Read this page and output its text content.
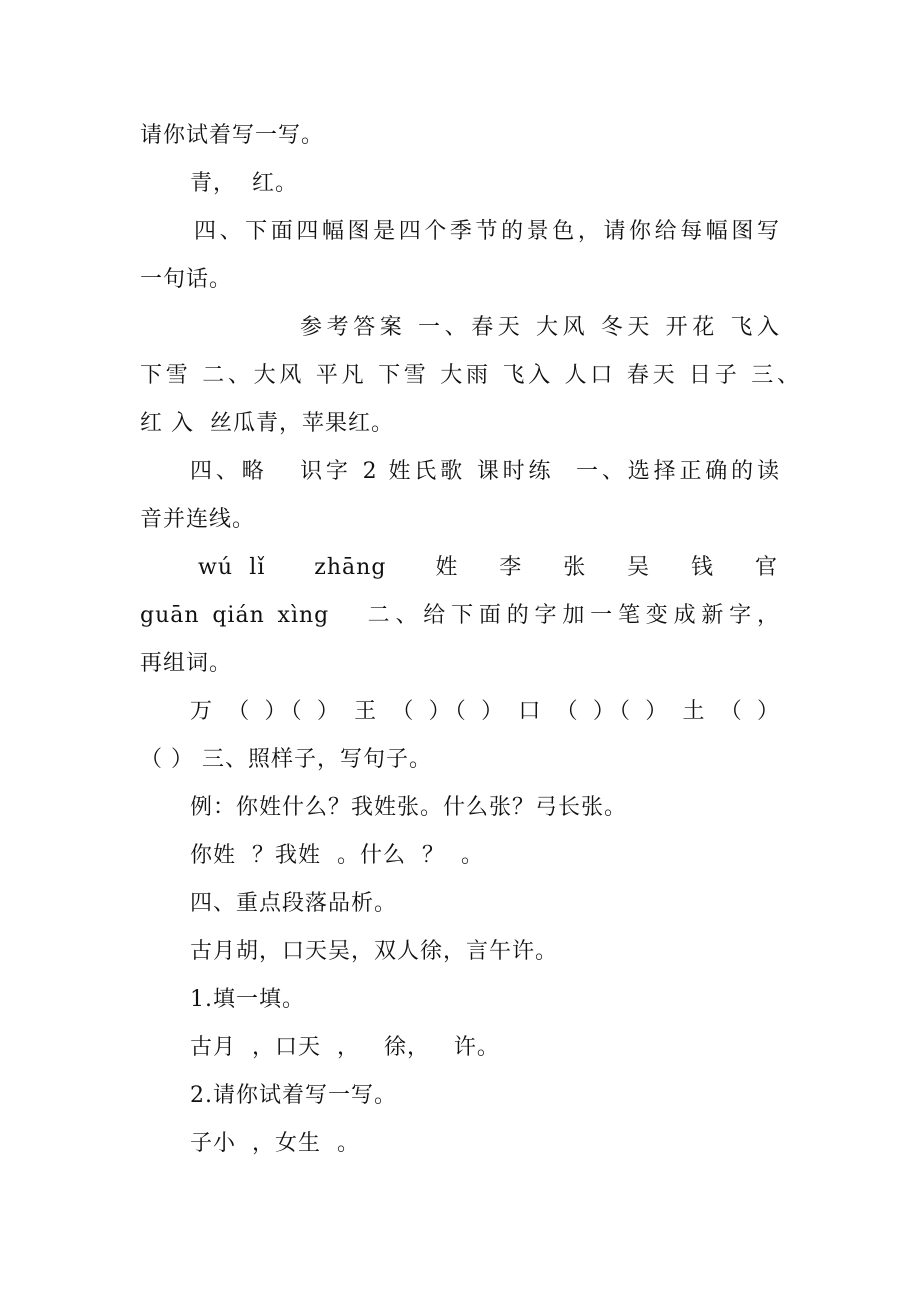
请你试着写一写。
青，  红。
四、下面四幅图是四个季节的景色，请你给每幅图写
一句话。
参考答案 一、春天 大风 冬天 开花 飞入
下雪 二、大风 平凡 下雪 大雨 飞入 人口 春天 日子 三、
红 入  丝瓜青，苹果红。
四、略   识字 2 姓氏歌 课时练  一、选择正确的读
音并连线。
wú lǐ   zhāng   姓  李  张  吴  钱  官
guān qián xìng   二、给下面的字加一笔变成新字，
再组词。
万 （ ）（ ） 王 （ ）（ ） 口 （ ）（ ） 土 （ ）
（ ） 三、照样子，写句子。
例：你姓什么？我姓张。什么张？弓长张。
你姓  ？我姓  。什么  ？  。
四、重点段落品析。
古月胡，口天吴，双人徐，言午许。
1.填一填。
古月  ，口天  ，   徐，   许。
2.请你试着写一写。
子小  ，女生  。
